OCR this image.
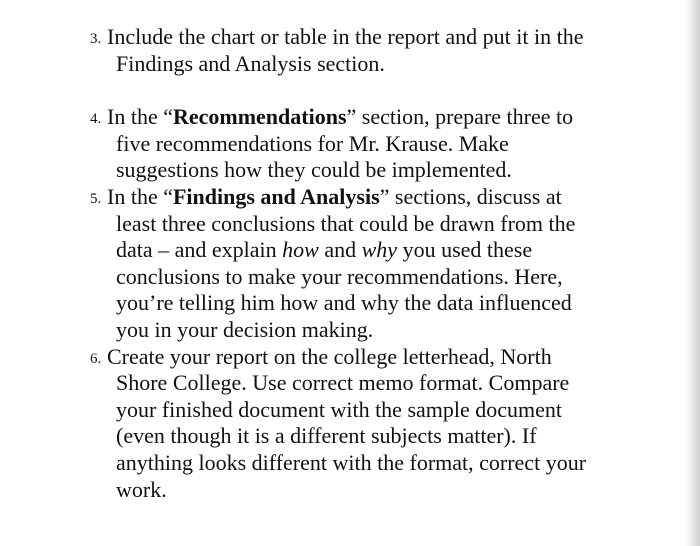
3. Include the chart or table in the report and put it in the
Findings and Analysis section.

4. In the “Recommendations” section, prepare three to
five recommendations for Mr. Krause. Make
suggestions how they could be implemented.

5. In the “Findings and Analysis” sections, discuss at
least three conclusions that could be drawn from the
data – and explain how and why you used these
conclusions to make your recommendations. Here,
you’re telling him how and why the data influenced
you in your decision making.

6. Create your report on the college letterhead, North
Shore College. Use correct memo format. Compare
your finished document with the sample document
(even though it is a different subjects matter). If
anything looks different with the format, correct your
work.
